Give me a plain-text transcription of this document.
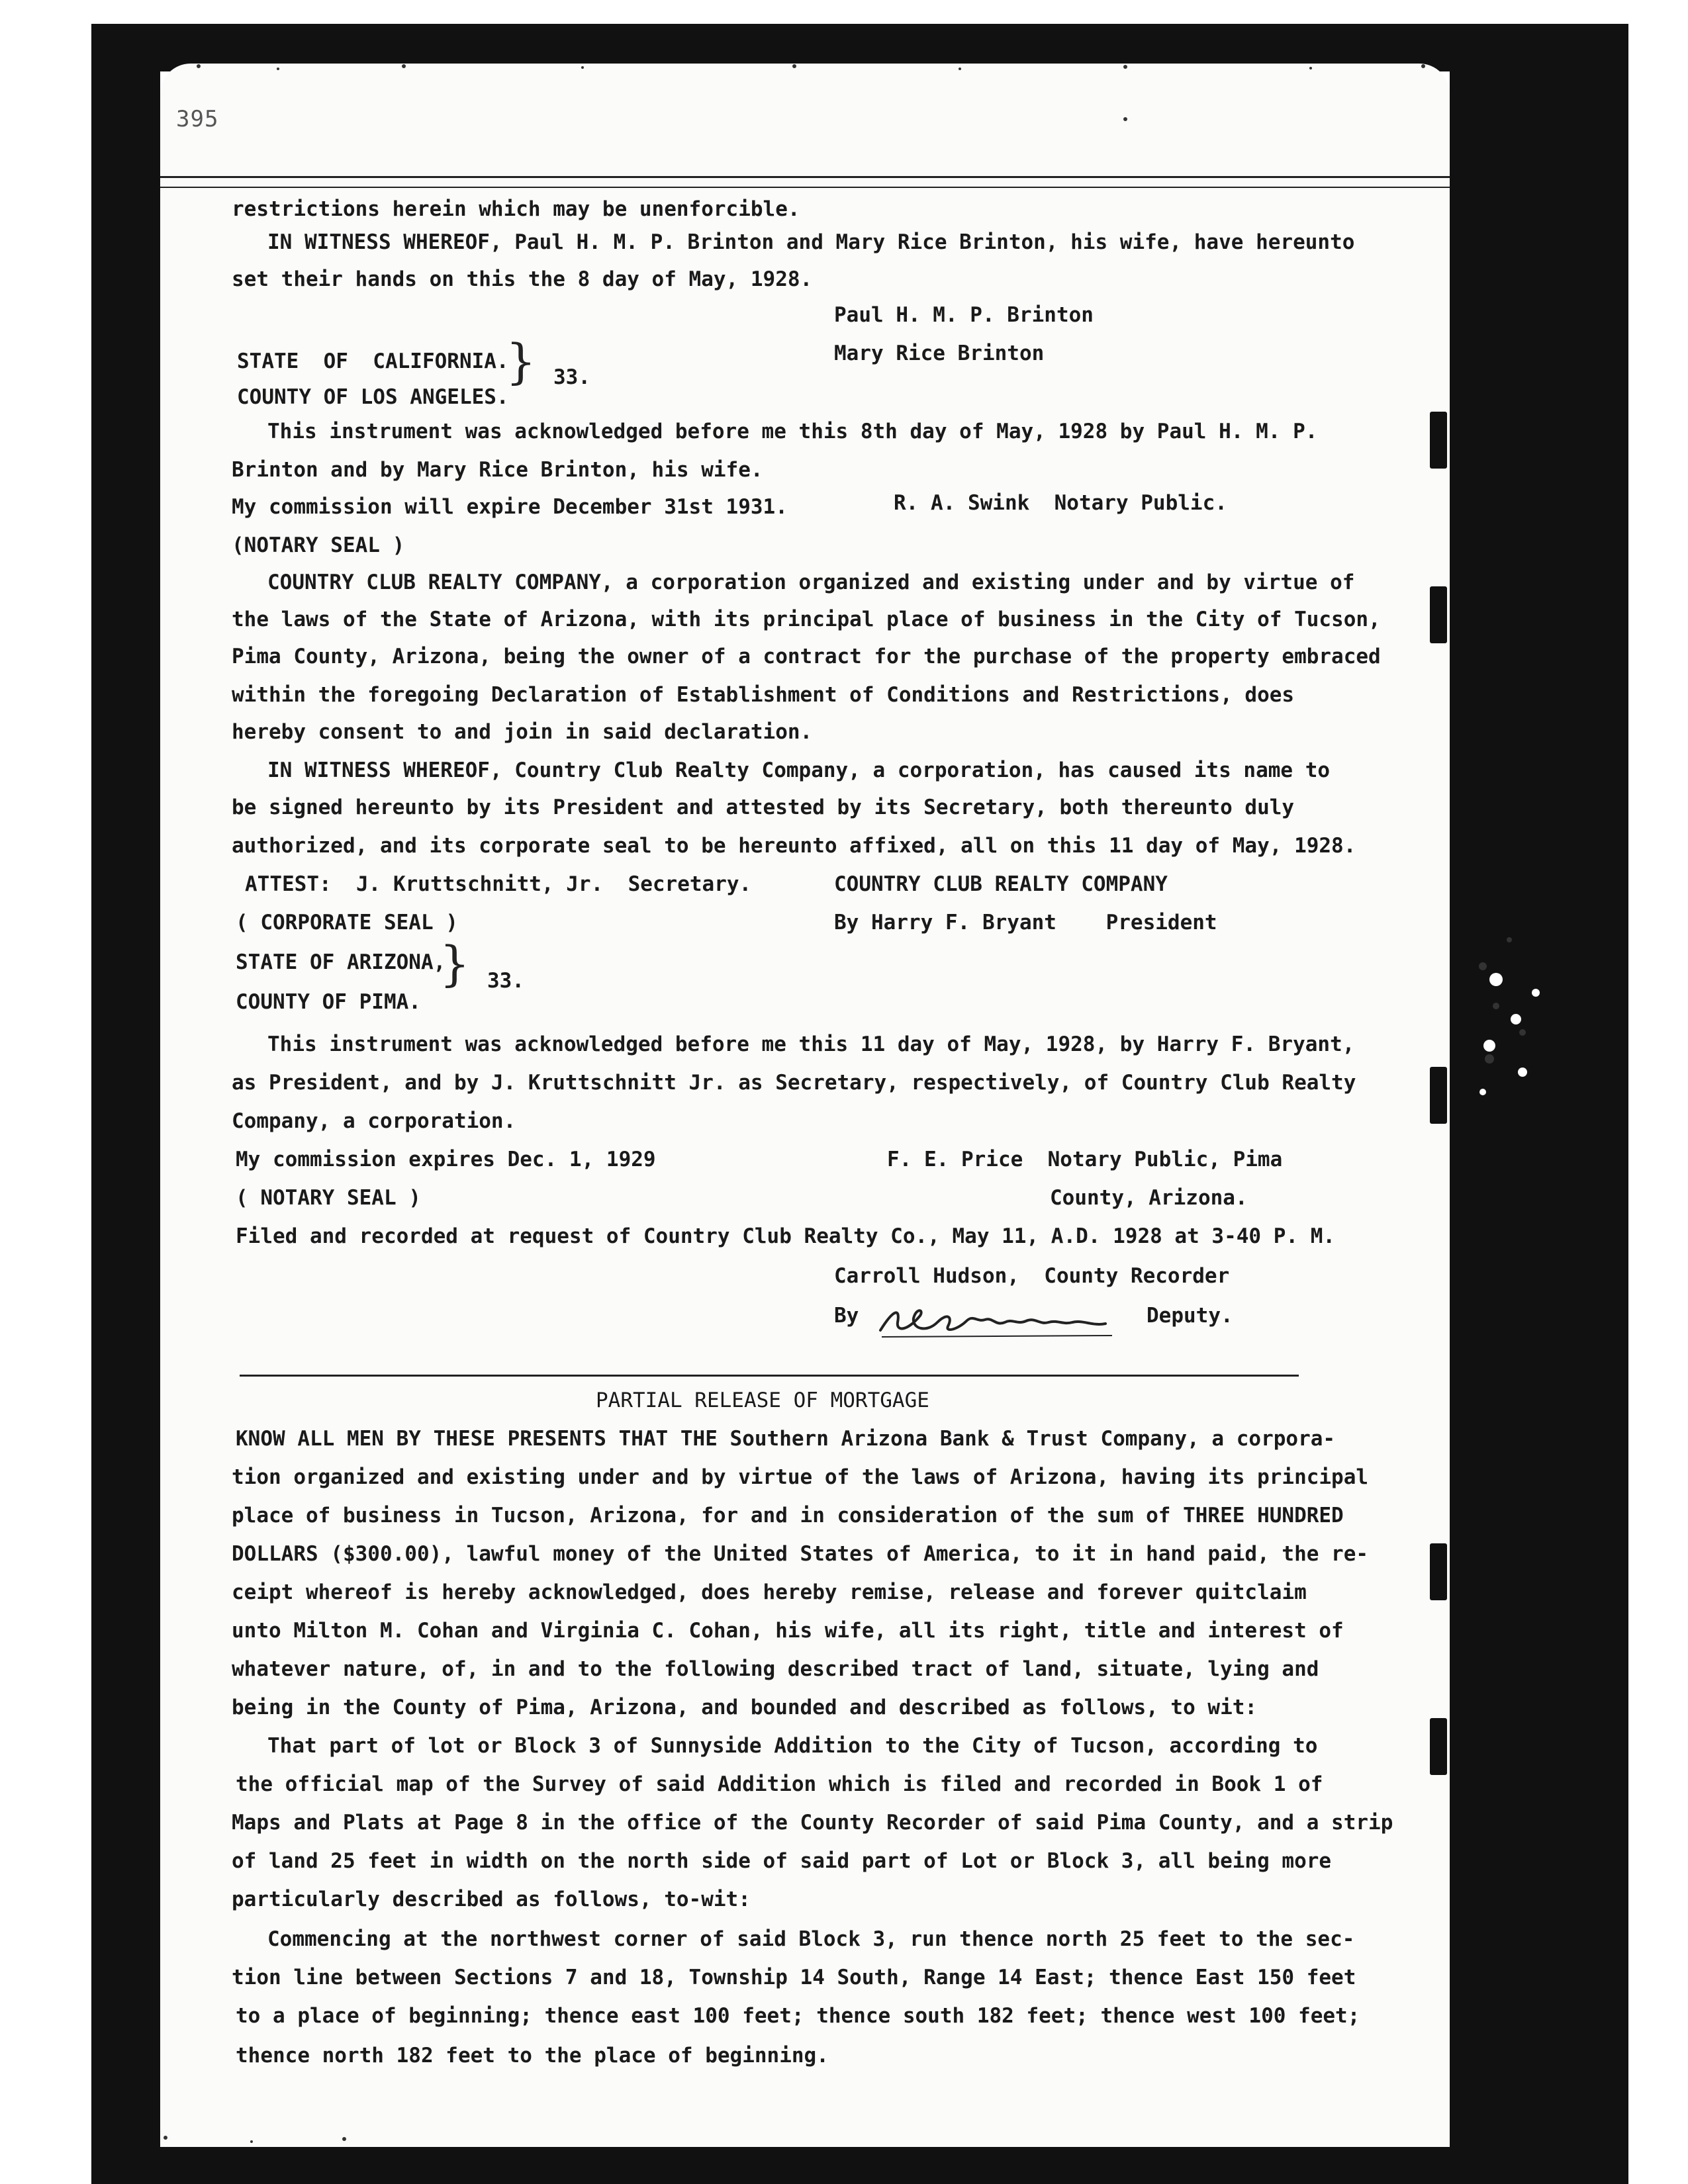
395
restrictions herein which may be unenforcible.
IN WITNESS WHEREOF, Paul H. M. P. Brinton and Mary Rice Brinton, his wife, have hereunto
set their hands on this the 8 day of May, 1928.
Paul H. M. P. Brinton
STATE  OF  CALIFORNIA.
} 33.
Mary Rice Brinton
COUNTY OF LOS ANGELES.
This instrument was acknowledged before me this 8th day of May, 1928 by Paul H. M. P.
Brinton and by Mary Rice Brinton, his wife.
My commission will expire December 31st 1931.	R. A. Swink  Notary Public.
(NOTARY SEAL )
COUNTRY CLUB REALTY COMPANY, a corporation organized and existing under and by virtue of
the laws of the State of Arizona, with its principal place of business in the City of Tucson,
Pima County, Arizona, being the owner of a contract for the purchase of the property embraced
within the foregoing Declaration of Establishment of Conditions and Restrictions, does
hereby consent to and join in said declaration.
IN WITNESS WHEREOF, Country Club Realty Company, a corporation, has caused its name to
be signed hereunto by its President and attested by its Secretary, both thereunto duly
authorized, and its corporate seal to be hereunto affixed, all on this 11 day of May, 1928.
ATTEST:  J. Kruttschnitt, Jr.  Secretary.	COUNTRY CLUB REALTY COMPANY
( CORPORATE SEAL )	By Harry F. Bryant    President
STATE OF ARIZONA,
} 33.
COUNTY OF PIMA.
This instrument was acknowledged before me this 11 day of May, 1928, by Harry F. Bryant,
as President, and by J. Kruttschnitt Jr. as Secretary, respectively, of Country Club Realty
Company, a corporation.
My commission expires Dec. 1, 1929	F. E. Price  Notary Public, Pima
( NOTARY SEAL )	County, Arizona.
Filed and recorded at request of Country Club Realty Co., May 11, A.D. 1928 at 3-40 P. M.
Carroll Hudson,  County Recorder
By	Deputy.
PARTIAL RELEASE OF MORTGAGE
KNOW ALL MEN BY THESE PRESENTS THAT THE Southern Arizona Bank & Trust Company, a corpora-
tion organized and existing under and by virtue of the laws of Arizona, having its principal
place of business in Tucson, Arizona, for and in consideration of the sum of THREE HUNDRED
DOLLARS ($300.00), lawful money of the United States of America, to it in hand paid, the re-
ceipt whereof is hereby acknowledged, does hereby remise, release and forever quitclaim
unto Milton M. Cohan and Virginia C. Cohan, his wife, all its right, title and interest of
whatever nature, of, in and to the following described tract of land, situate, lying and
being in the County of Pima, Arizona, and bounded and described as follows, to wit:
That part of lot or Block 3 of Sunnyside Addition to the City of Tucson, according to
the official map of the Survey of said Addition which is filed and recorded in Book 1 of
Maps and Plats at Page 8 in the office of the County Recorder of said Pima County, and a strip
of land 25 feet in width on the north side of said part of Lot or Block 3, all being more
particularly described as follows, to-wit:
Commencing at the northwest corner of said Block 3, run thence north 25 feet to the sec-
tion line between Sections 7 and 18, Township 14 South, Range 14 East; thence East 150 feet
to a place of beginning; thence east 100 feet; thence south 182 feet; thence west 100 feet;
thence north 182 feet to the place of beginning.
